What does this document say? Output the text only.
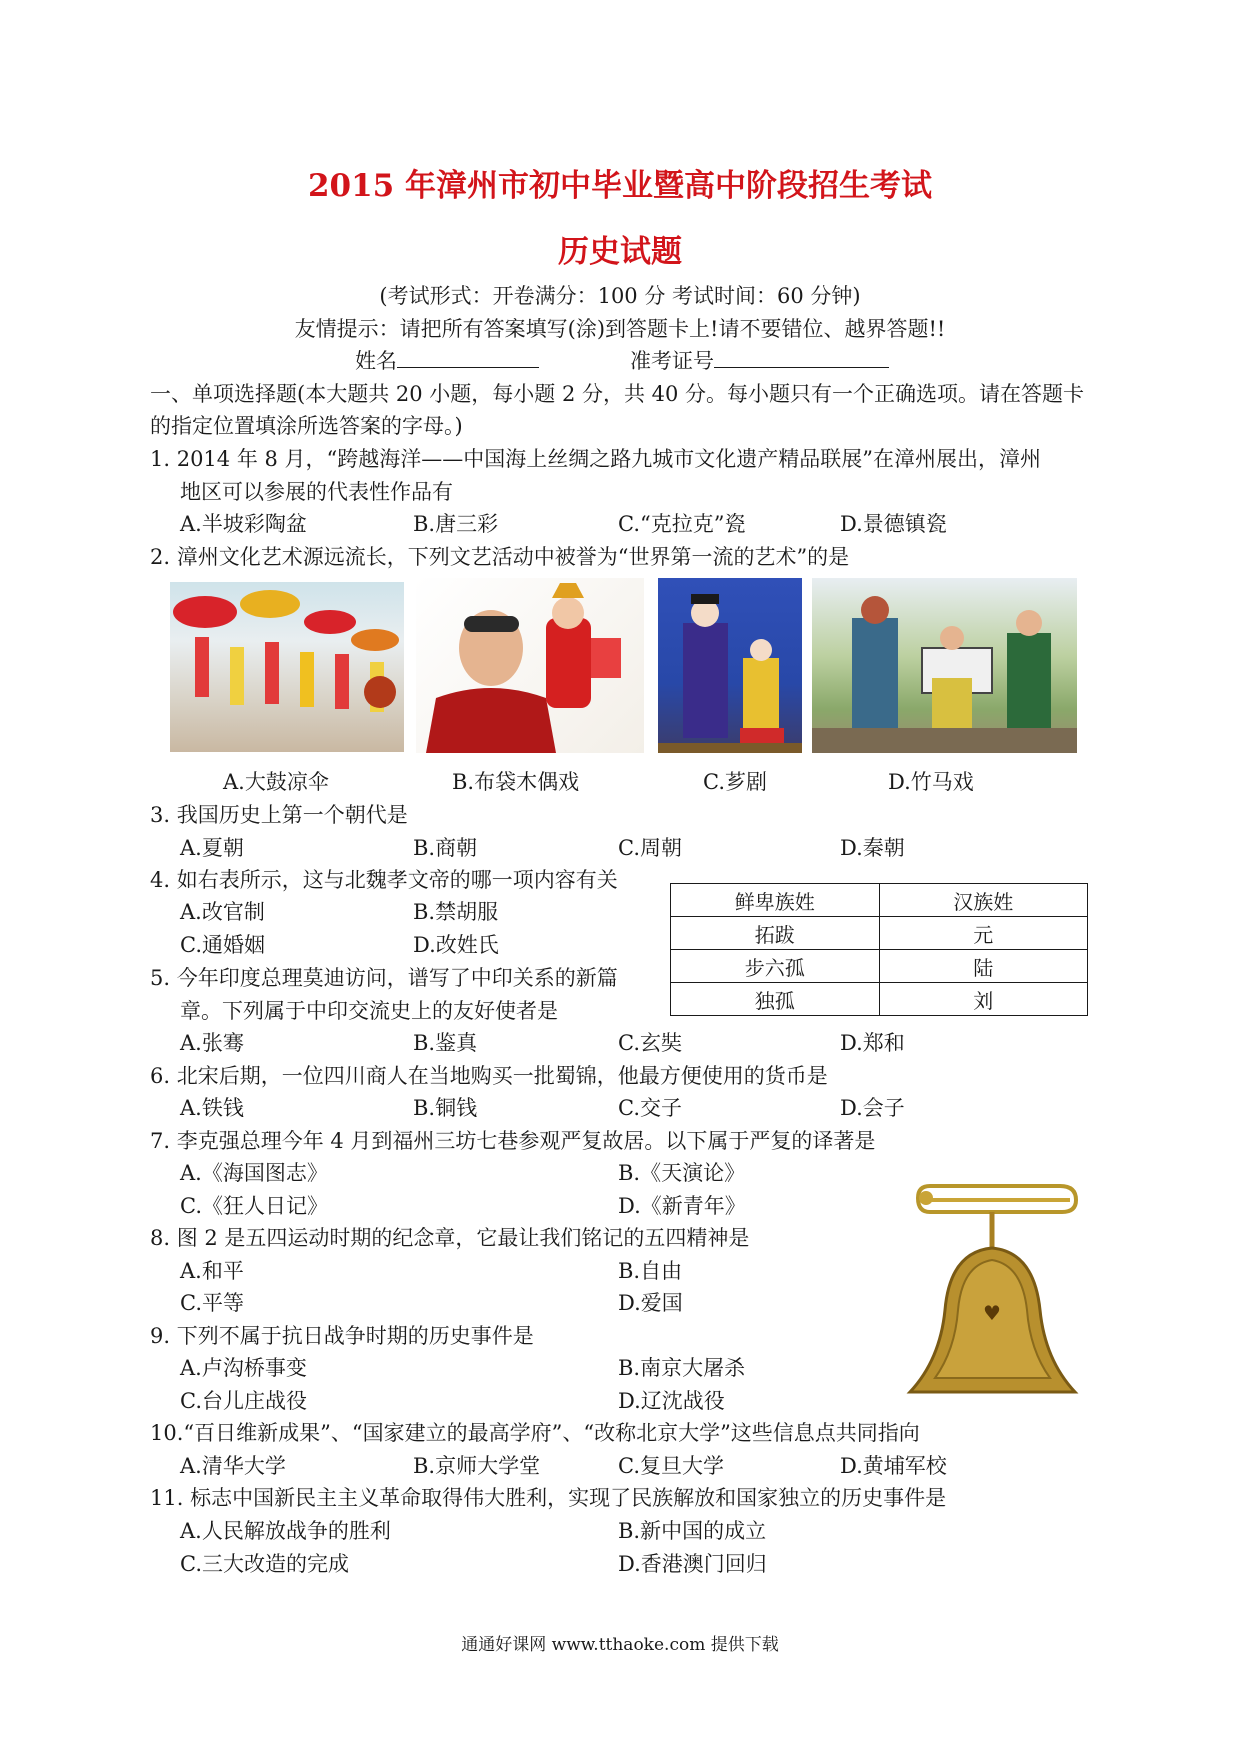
2015 年漳州市初中毕业暨高中阶段招生考试
历史试题
(考试形式：开卷满分：100 分 考试时间：60 分钟)
友情提示：请把所有答案填写(涂)到答题卡上!请不要错位、越界答题!!
姓名	准考证号
一、单项选择题(本大题共 20 小题，每小题 2 分，共 40 分。每小题只有一个正确选项。请在答题卡
的指定位置填涂所选答案的字母。)
1. 2014 年 8 月，“跨越海洋——中国海上丝绸之路九城市文化遗产精品联展”在漳州展出，漳州
地区可以参展的代表性作品有
A.半坡彩陶盆	B.唐三彩	C.“克拉克”瓷	D.景德镇瓷
2. 漳州文化艺术源远流长，下列文艺活动中被誉为“世界第一流的艺术”的是
A.大鼓凉伞	B.布袋木偶戏	C.芗剧	D.竹马戏
3. 我国历史上第一个朝代是
A.夏朝	B.商朝	C.周朝	D.秦朝
4. 如右表所示，这与北魏孝文帝的哪一项内容有关
A.改官制	B.禁胡服
C.通婚姻	D.改姓氏
鲜卑族姓	汉族姓
拓跋	元
步六孤	陆
独孤	刘
5. 今年印度总理莫迪访问，谱写了中印关系的新篇
章。下列属于中印交流史上的友好使者是
A.张骞	B.鉴真	C.玄奘	D.郑和
6. 北宋后期，一位四川商人在当地购买一批蜀锦，他最方便使用的货币是
A.铁钱	B.铜钱	C.交子	D.会子
7. 李克强总理今年 4 月到福州三坊七巷参观严复故居。以下属于严复的译著是
A.《海国图志》	B.《天演论》
C.《狂人日记》	D.《新青年》
♥
8. 图 2 是五四运动时期的纪念章，它最让我们铭记的五四精神是
A.和平	B.自由
C.平等	D.爱国
9. 下列不属于抗日战争时期的历史事件是
A.卢沟桥事变	B.南京大屠杀
C.台儿庄战役	D.辽沈战役
10.“百日维新成果”、“国家建立的最高学府”、“改称北京大学”这些信息点共同指向
A.清华大学	B.京师大学堂	C.复旦大学	D.黄埔军校
11. 标志中国新民主主义革命取得伟大胜利，实现了民族解放和国家独立的历史事件是
A.人民解放战争的胜利	B.新中国的成立
C.三大改造的完成	D.香港澳门回归
通通好课网 www.tthaoke.com 提供下载
